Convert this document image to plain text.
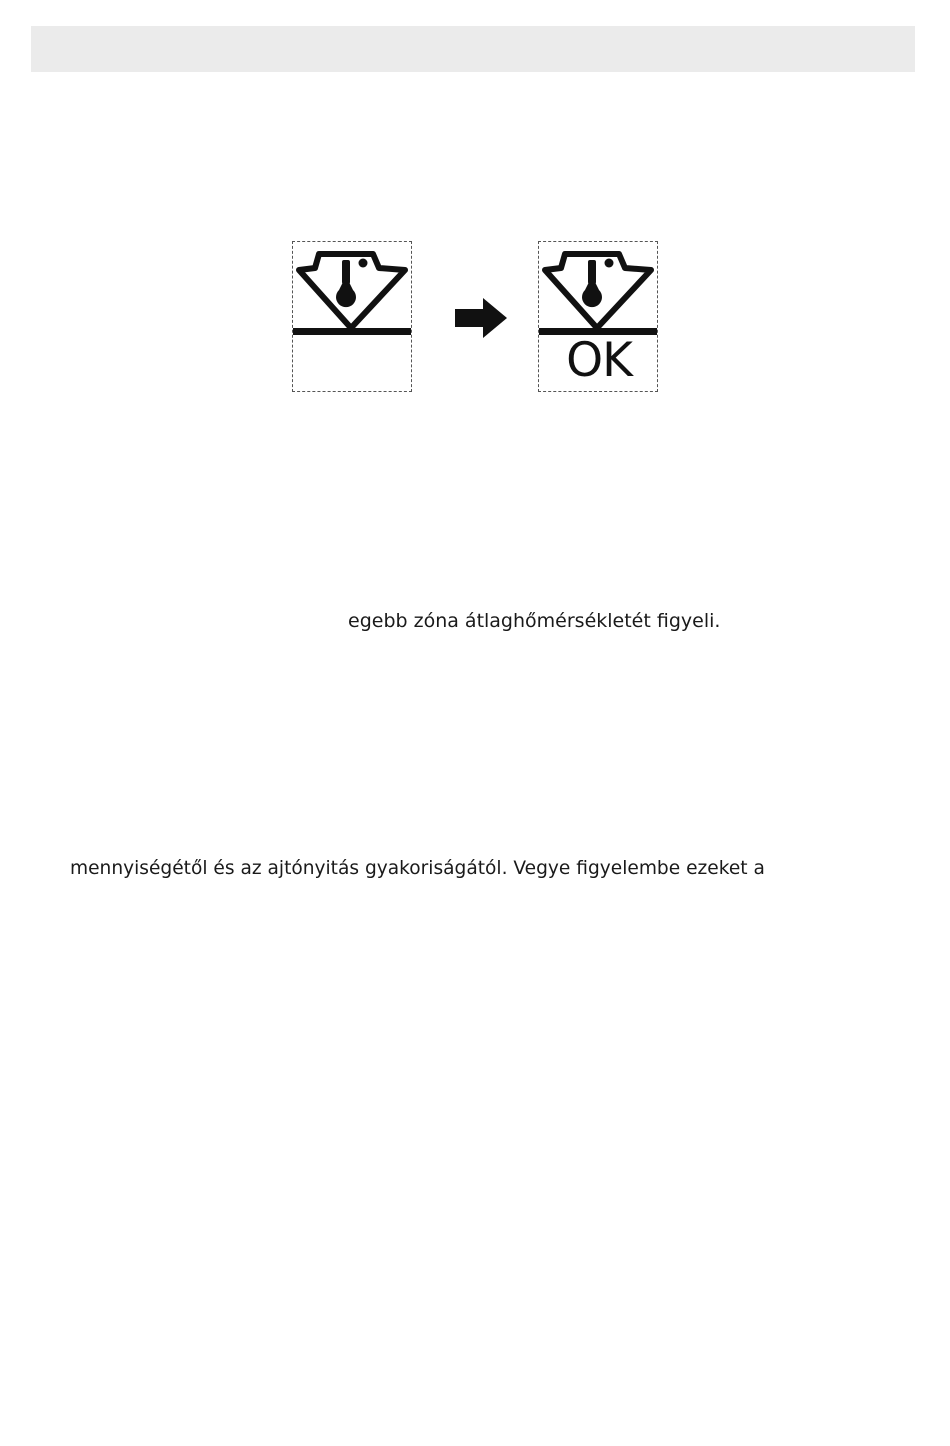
OK
egebb zóna átlaghőmérsékletét figyeli.
mennyiségétől és az ajtónyitás gyakoriságától. Vegye figyelembe ezeket a
